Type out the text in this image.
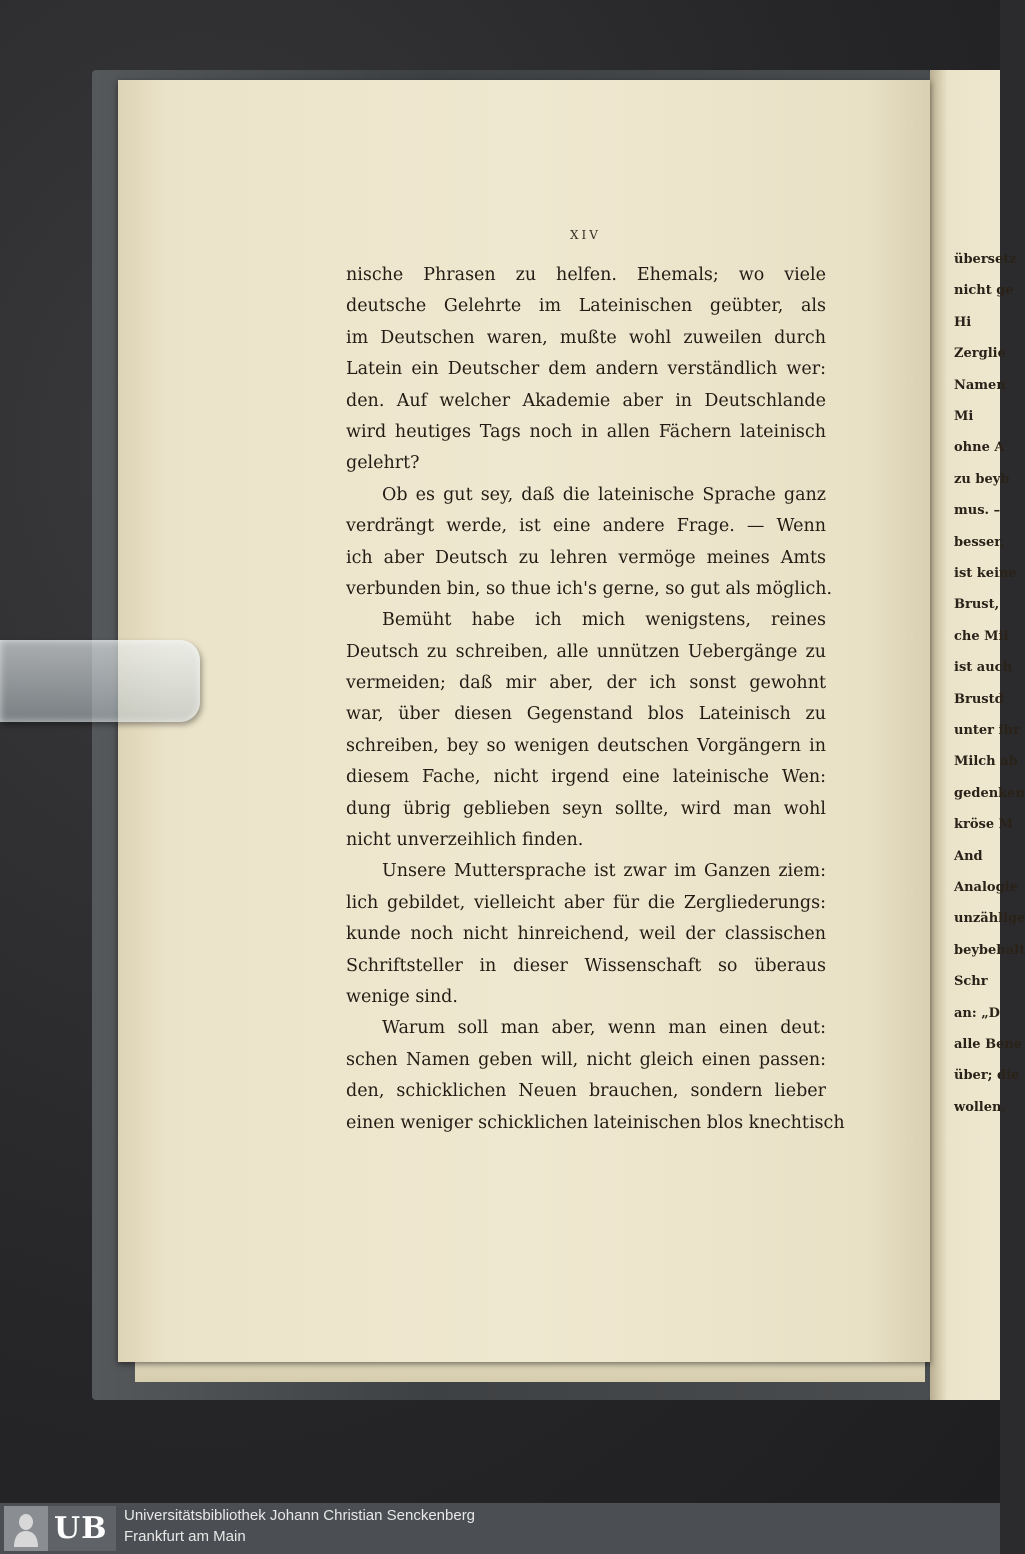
XIV
nische Phrasen zu helfen. Ehemals; wo viele
deutsche Gelehrte im Lateinischen geübter, als
im Deutschen waren, mußte wohl zuweilen durch
Latein ein Deutscher dem andern verständlich wer:
den. Auf welcher Akademie aber in Deutschlande
wird heutiges Tags noch in allen Fächern lateinisch
gelehrt?
Ob es gut sey, daß die lateinische Sprache ganz
verdrängt werde, ist eine andere Frage. — Wenn
ich aber Deutsch zu lehren vermöge meines Amts
verbunden bin, so thue ich's gerne, so gut als möglich.
Bemüht habe ich mich wenigstens, reines
Deutsch zu schreiben, alle unnützen Uebergänge zu
vermeiden; daß mir aber, der ich sonst gewohnt
war, über diesen Gegenstand blos Lateinisch zu
schreiben, bey so wenigen deutschen Vorgängern in
diesem Fache, nicht irgend eine lateinische Wen:
dung übrig geblieben seyn sollte, wird man wohl
nicht unverzeihlich finden.
Unsere Muttersprache ist zwar im Ganzen ziem:
lich gebildet, vielleicht aber für die Zergliederungs:
kunde noch nicht hinreichend, weil der classischen
Schriftsteller in dieser Wissenschaft so überaus
wenige sind.
Warum soll man aber, wenn man einen deut:
schen Namen geben will, nicht gleich einen passen:
den, schicklichen Neuen brauchen, sondern lieber
einen weniger schicklichen lateinischen blos knechtisch
UB Universitätsbibliothek Johann Christian Senckenberg
Frankfurt am Main
übersetz
nicht ge
Hi
Zerglie
Namen
Mi
ohne A
zu beyb
mus. –
besser,
ist keine
Brust,
che Mil
ist auch
Brustd
unter ihr
Milch ab
gedenken
kröse M
And
Analogie
unzählige
beybehalt
Schr
an: „D
alle Bene
über; die
wollen,
